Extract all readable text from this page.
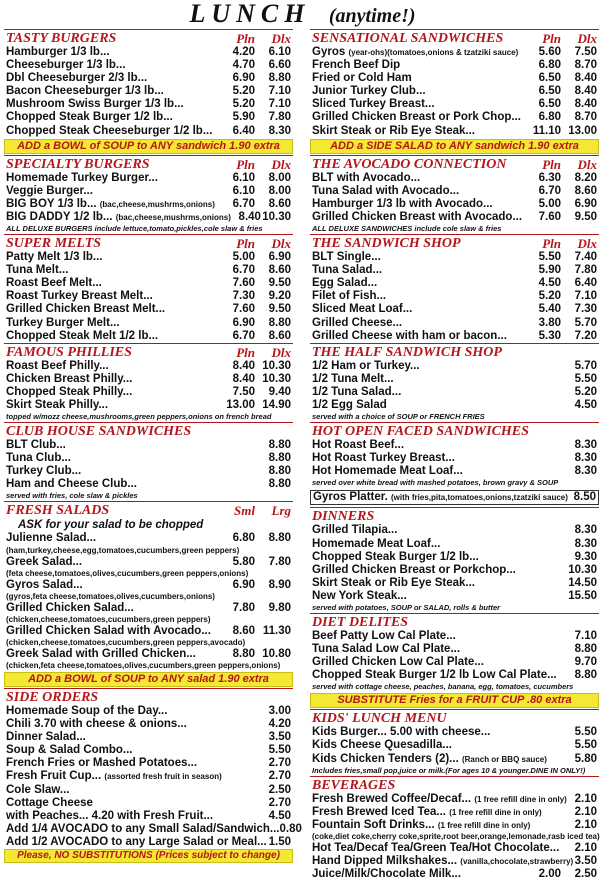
LUNCH (anytime!)
TASTY BURGERS	Pln	Dlx
Hamburger 1/3 lb...	4.20	6.10
Cheeseburger 1/3 lb...	4.70	6.60
Dbl Cheeseburger 2/3 lb...	6.90	8.80
Bacon Cheeseburger 1/3 lb...	5.20	7.10
Mushroom Swiss Burger 1/3 lb...	5.20	7.10
Chopped Steak Burger 1/2 lb...	5.90	7.80
Chopped Steak Cheeseburger 1/2 lb...	6.40	8.30
ADD a BOWL of SOUP to ANY sandwich 1.90 extra
SPECIALTY BURGERS	Pln	Dlx
Homemade Turkey Burger...	6.10	8.00
Veggie Burger...	6.10	8.00
BIG BOY 1/3 lb... (bac,cheese,mushrms,onions)	6.70	8.60
BIG DADDY 1/2 lb... (bac,cheese,mushrms,onions) 8.40 10.30
ALL DELUXE BURGERS include lettuce,tomato,pickles,cole slaw & fries
SUPER MELTS	Pln	Dlx
Patty Melt 1/3 lb...	5.00	6.90
Tuna Melt...	6.70	8.60
Roast Beef Melt...	7.60	9.50
Roast Turkey Breast Melt...	7.30	9.20
Grilled Chicken Breast Melt...	7.60	9.50
Turkey Burger Melt...	6.90	8.80
Chopped Steak Melt 1/2 lb...	6.70	8.60
FAMOUS PHILLIES	Pln	Dlx
Roast Beef Philly...	8.40 10.30
Chicken Breast Philly...	8.40 10.30
Chopped Steak Philly...	7.50	9.40
Skirt Steak Philly...	13.00 14.90
topped w/mozz cheese,mushrooms,green peppers,onions on french bread
CLUB HOUSE SANDWICHES
BLT Club...	8.80
Tuna Club...	8.80
Turkey Club...	8.80
Ham and Cheese Club...	8.80
served with fries, cole slaw & pickles
FRESH SALADS	Sml	Lrg
ASK for your salad to be chopped
Julienne Salad...	6.80	8.80
(ham,turkey,cheese,egg,tomatoes,cucumbers,green peppers)
Greek Salad...	5.80	7.80
(feta cheese,tomatoes,olives,cucumbers,green peppers,onions)
Gyros Salad...	6.90	8.90
(gyros,feta cheese,tomatoes,olives,cucumbers,onions)
Grilled Chicken Salad...	7.80	9.80
(chicken,cheese,tomatoes,cucumbers,green peppers)
Grilled Chicken Salad with Avocado...	8.60 11.30
(chicken,cheese,tomatoes,cucumbers,green peppers,avocado)
Greek Salad with Grilled Chicken...	8.80 10.80
(chicken,feta cheese,tomatoes,olives,cucumbers,green peppers,onions)
ADD a BOWL of SOUP to ANY salad 1.90 extra
SIDE ORDERS
Homemade Soup of the Day...	3.00
Chili 3.70 with cheese & onions...	4.20
Dinner Salad...	3.50
Soup & Salad Combo...	5.50
French Fries or Mashed Potatoes...	2.70
Fresh Fruit Cup... (assorted fresh fruit in season)	2.70
Cole Slaw...	2.50
Cottage Cheese	2.70
with Peaches... 4.20 with Fresh Fruit...	4.50
Add 1/4 AVOCADO to any Small Salad/Sandwich... 0.80
Add 1/2 AVOCADO to any Large Salad or Meal... 1.50
Please, NO SUBSTITUTIONS (Prices subject to change)
SENSATIONAL SANDWICHES	Pln	Dlx
Gyros (year-ohs)(tomatoes,onions & tzatziki sauce)	5.60	7.50
French Beef Dip	6.80	8.70
Fried or Cold Ham	6.50	8.40
Junior Turkey Club...	6.50	8.40
Sliced Turkey Breast...	6.50	8.40
Grilled Chicken Breast or Pork Chop...	6.80	8.70
Skirt Steak or Rib Eye Steak...	11.10 13.00
ADD a SIDE SALAD to ANY sandwich 1.90 extra
THE AVOCADO CONNECTION	Pln	Dlx
BLT with Avocado...	6.30	8.20
Tuna Salad with Avocado...	6.70	8.60
Hamburger 1/3 lb with Avocado...	5.00	6.90
Grilled Chicken Breast with Avocado...	7.60	9.50
ALL DELUXE SANDWICHES include cole slaw & fries
THE SANDWICH SHOP	Pln	Dlx
BLT Single...	5.50	7.40
Tuna Salad...	5.90	7.80
Egg Salad...	4.50	6.40
Filet of Fish...	5.20	7.10
Sliced Meat Loaf...	5.40	7.30
Grilled Cheese...	3.80	5.70
Grilled Cheese with ham or bacon...	5.30	7.20
THE HALF SANDWICH SHOP
1/2 Ham or Turkey...	5.70
1/2 Tuna Melt...	5.50
1/2 Tuna Salad...	5.20
1/2 Egg Salad	4.50
served with a choice of SOUP or FRENCH FRIES
HOT OPEN FACED SANDWICHES
Hot Roast Beef...	8.30
Hot Roast Turkey Breast...	8.30
Hot Homemade Meat Loaf...	8.30
served over white bread with mashed potatoes, brown gravy & SOUP
Gyros Platter. (with fries,pita,tomatoes,onions,tzatziki sauce) 8.50
DINNERS
Grilled Tilapia...	8.30
Homemade Meat Loaf...	8.30
Chopped Steak Burger 1/2 lb...	9.30
Grilled Chicken Breast or Porkchop...	10.30
Skirt Steak or Rib Eye Steak...	14.50
New York Steak...	15.50
served with potatoes, SOUP or SALAD, rolls & butter
DIET DELITES
Beef Patty Low Cal Plate...	7.10
Tuna Salad Low Cal Plate...	8.80
Grilled Chicken Low Cal Plate...	9.70
Chopped Steak Burger 1/2 lb Low Cal Plate...	8.80
served with cottage cheese, peaches, banana, egg, tomatoes, cucumbers
SUBSTITUTE Fries for a FRUIT CUP .80 extra
KIDS' LUNCH MENU
Kids Burger... 5.00 with cheese...	5.50
Kids Cheese Quesadilla...	5.50
Kids Chicken Tenders (2)... (Ranch or BBQ sauce)	5.80
Includes fries,small pop,juice or milk.(For ages 10 & younger.DINE IN ONLY!)
BEVERAGES
Fresh Brewed Coffee/Decaf... (1 free refill dine in only) 2.10
Fresh Brewed Iced Tea... (1 free refill dine in only)	2.10
Fountain Soft Drinks... (1 free refill dine in only)	2.10
(coke,diet coke,cherry coke,sprite,root beer,orange,lemonade,rasb iced tea)
Hot Tea/Decaf Tea/Green Tea/Hot Chocolate... 2.10
Hand Dipped Milkshakes... (vanilla,chocolate,strawberry) 3.50
Juice/Milk/Chocolate Milk...	2.00	2.50
